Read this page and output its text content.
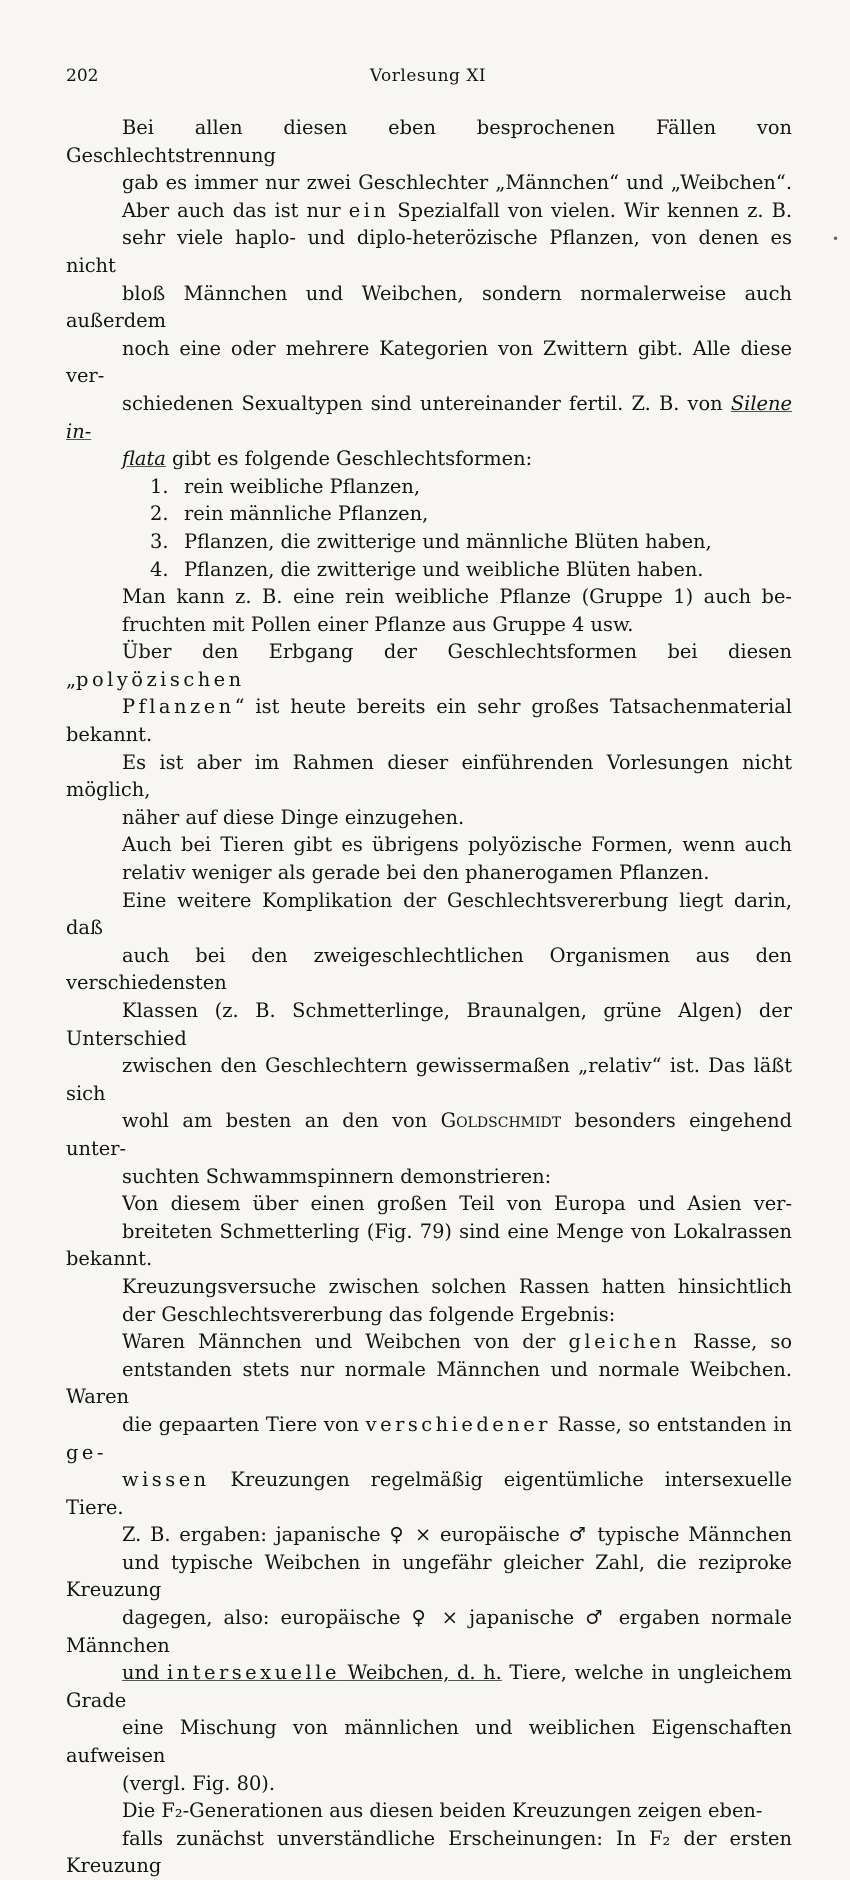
202	Vorlesung XI

Bei allen diesen eben besprochenen Fällen von Geschlechtstrennung
gab es immer nur zwei Geschlechter „Männchen“ und „Weibchen“.
Aber auch das ist nur ein Spezialfall von vielen. Wir kennen z. B.
sehr viele haplo- und diplo-heterözische Pflanzen, von denen es nicht
bloß Männchen und Weibchen, sondern normalerweise auch außerdem
noch eine oder mehrere Kategorien von Zwittern gibt. Alle diese ver-
schiedenen Sexualtypen sind untereinander fertil. Z. B. von Silene in-
flata gibt es folgende Geschlechtsformen:

1. rein weibliche Pflanzen,
2. rein männliche Pflanzen,
3. Pflanzen, die zwitterige und männliche Blüten haben,
4. Pflanzen, die zwitterige und weibliche Blüten haben.

Man kann z. B. eine rein weibliche Pflanze (Gruppe 1) auch be-
fruchten mit Pollen einer Pflanze aus Gruppe 4 usw.

Über den Erbgang der Geschlechtsformen bei diesen „polyözischen
Pflanzen“ ist heute bereits ein sehr großes Tatsachenmaterial bekannt.
Es ist aber im Rahmen dieser einführenden Vorlesungen nicht möglich,
näher auf diese Dinge einzugehen.

Auch bei Tieren gibt es übrigens polyözische Formen, wenn auch
relativ weniger als gerade bei den phanerogamen Pflanzen.

Eine weitere Komplikation der Geschlechtsvererbung liegt darin, daß
auch bei den zweigeschlechtlichen Organismen aus den verschiedensten
Klassen (z. B. Schmetterlinge, Braunalgen, grüne Algen) der Unterschied
zwischen den Geschlechtern gewissermaßen „relativ“ ist. Das läßt sich
wohl am besten an den von Goldschmidt besonders eingehend unter-
suchten Schwammspinnern demonstrieren:

Von diesem über einen großen Teil von Europa und Asien ver-
breiteten Schmetterling (Fig. 79) sind eine Menge von Lokalrassen bekannt.

Kreuzungsversuche zwischen solchen Rassen hatten hinsichtlich
der Geschlechtsvererbung das folgende Ergebnis:

Waren Männchen und Weibchen von der gleichen Rasse, so
entstanden stets nur normale Männchen und normale Weibchen. Waren
die gepaarten Tiere von verschiedener Rasse, so entstanden in ge-
wissen Kreuzungen regelmäßig eigentümliche intersexuelle Tiere.

Z. B. ergaben: japanische ♀ × europäische ♂ typische Männchen
und typische Weibchen in ungefähr gleicher Zahl, die reziproke Kreuzung
dagegen, also: europäische ♀ × japanische ♂ ergaben normale Männchen
und intersexuelle Weibchen, d. h. Tiere, welche in ungleichem Grade
eine Mischung von männlichen und weiblichen Eigenschaften aufweisen
(vergl. Fig. 80).

Die F₂-Generationen aus diesen beiden Kreuzungen zeigen eben-
falls zunächst unverständliche Erscheinungen: In F₂ der ersten Kreuzung

•
